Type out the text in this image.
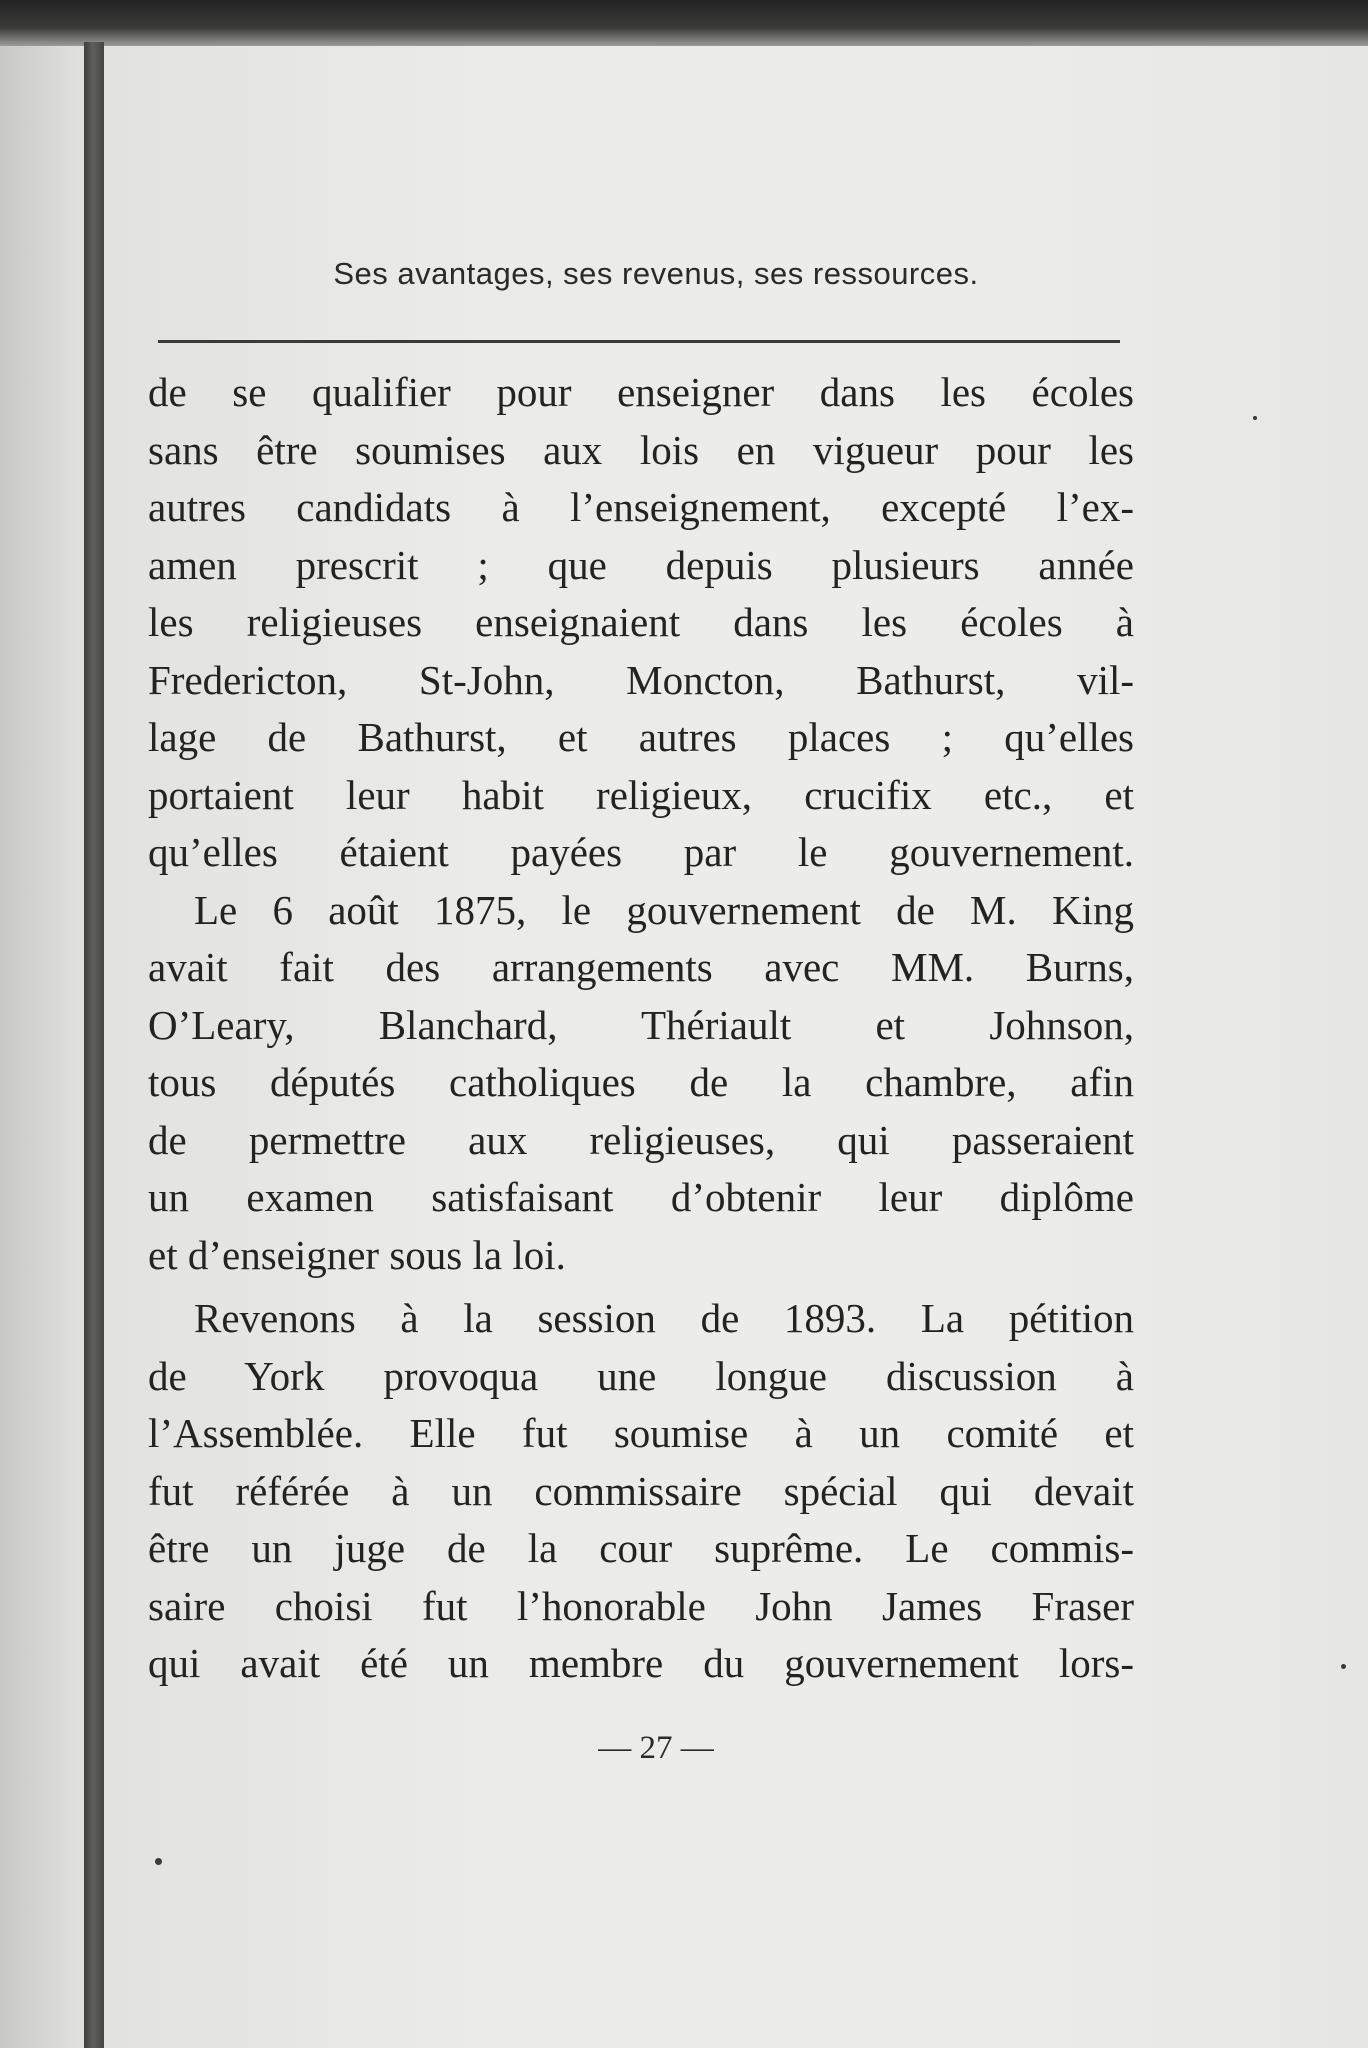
Ses avantages, ses revenus, ses ressources.
de se qualifier pour enseigner dans les écoles
sans être soumises aux lois en vigueur pour les
autres candidats à l’enseignement, excepté l’ex-
amen prescrit ; que depuis plusieurs année
les religieuses enseignaient dans les écoles à
Fredericton, St-John, Moncton, Bathurst, vil-
lage de Bathurst, et autres places ; qu’elles
portaient leur habit religieux, crucifix etc., et
qu’elles étaient payées par le gouvernement.
Le 6 août 1875, le gouvernement de M. King
avait fait des arrangements avec MM. Burns,
O’Leary, Blanchard, Thériault et Johnson,
tous députés catholiques de la chambre, afin
de permettre aux religieuses, qui passeraient
un examen satisfaisant d’obtenir leur diplôme
et d’enseigner sous la loi.
Revenons à la session de 1893. La pétition
de York provoqua une longue discussion à
l’Assemblée. Elle fut soumise à un comité et
fut référée à un commissaire spécial qui devait
être un juge de la cour suprême. Le commis-
saire choisi fut l’honorable John James Fraser
qui avait été un membre du gouvernement lors-
— 27 —
